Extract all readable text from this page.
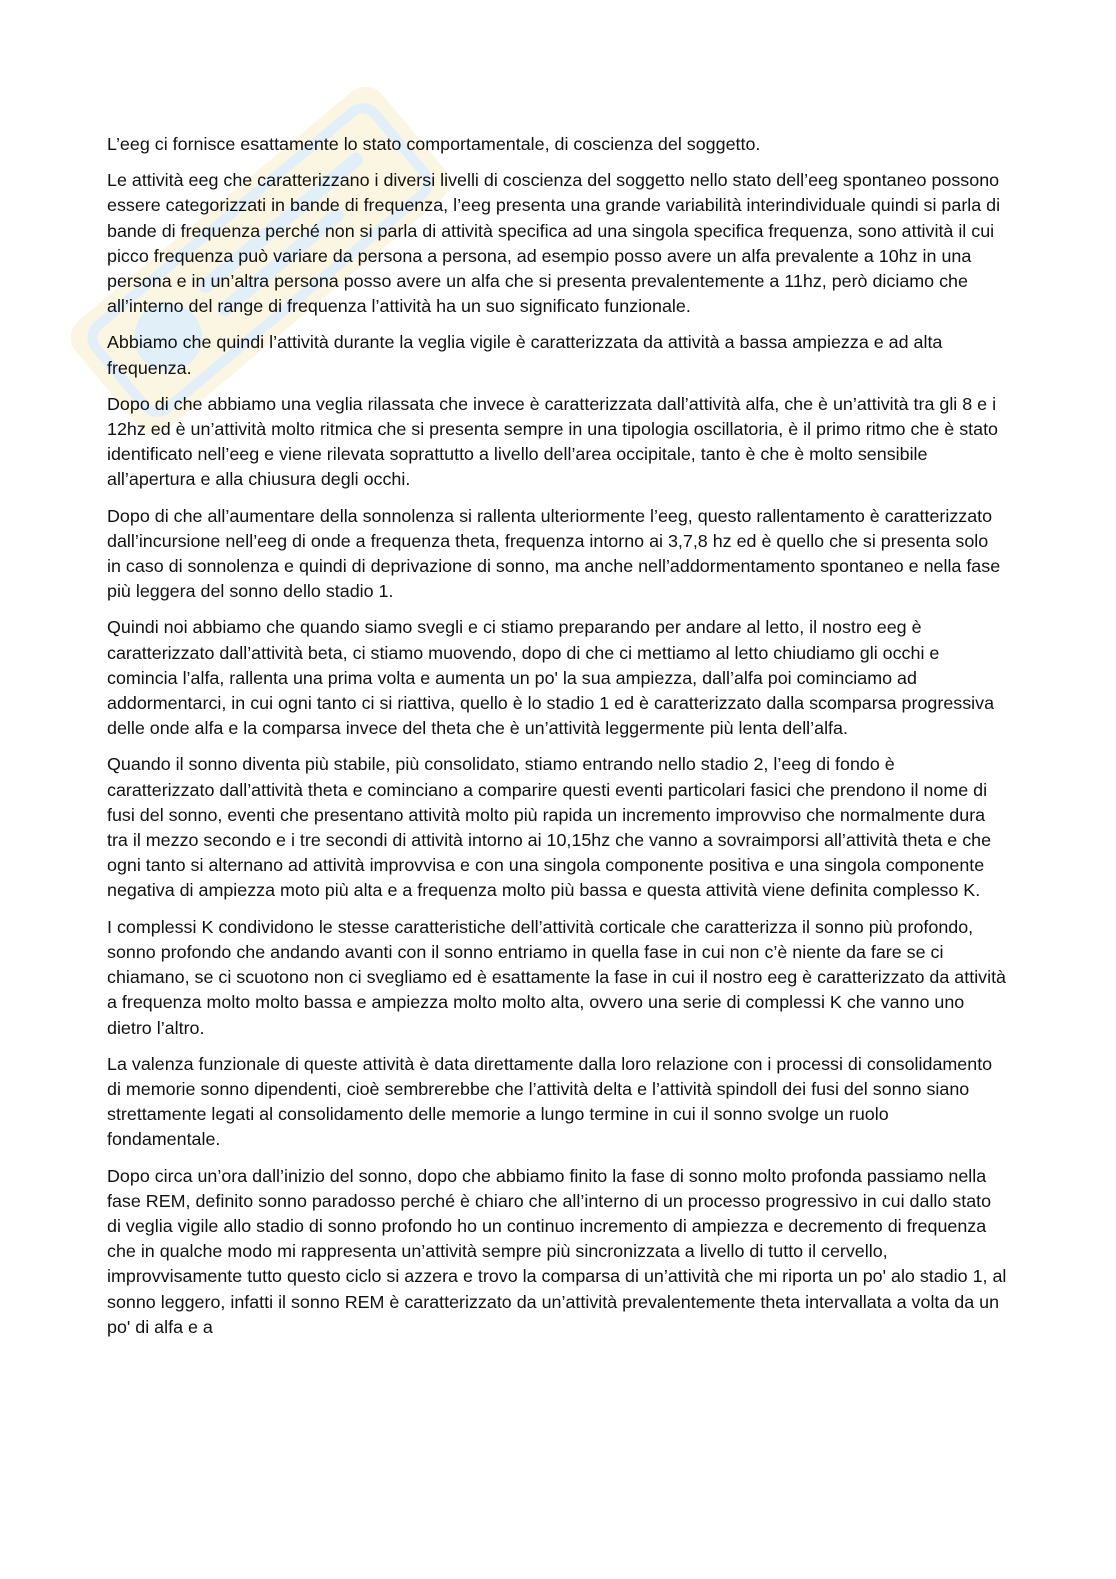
L’eeg ci fornisce esattamente lo stato comportamentale, di coscienza del soggetto.

Le attività eeg che caratterizzano i diversi livelli di coscienza del soggetto nello stato dell’eeg spontaneo possono essere categorizzati in bande di frequenza, l’eeg presenta una grande variabilità interindividuale quindi si parla di bande di frequenza perché non si parla di attività specifica ad una singola specifica frequenza, sono attività il cui picco frequenza può variare da persona a persona, ad esempio posso avere un alfa prevalente a 10hz in una persona e in un’altra persona posso avere un alfa che si presenta prevalentemente a 11hz, però diciamo che all’interno del range di frequenza l’attività ha un suo significato funzionale.

Abbiamo che quindi l’attività durante la veglia vigile è caratterizzata da attività a bassa ampiezza e ad alta frequenza.

Dopo di che abbiamo una veglia rilassata che invece è caratterizzata dall’attività alfa, che è un’attività tra gli 8 e i 12hz ed è un’attività molto ritmica che si presenta sempre in una tipologia oscillatoria, è il primo ritmo che è stato identificato nell’eeg e viene rilevata soprattutto a livello dell’area occipitale, tanto è che è molto sensibile all’apertura e alla chiusura degli occhi.

Dopo di che all’aumentare della sonnolenza si rallenta ulteriormente l’eeg, questo rallentamento è caratterizzato dall’incursione nell’eeg di onde a frequenza theta, frequenza intorno ai 3,7,8 hz ed è quello che si presenta solo in caso di sonnolenza e quindi di deprivazione di sonno, ma anche nell’addormentamento spontaneo e nella fase più leggera del sonno dello stadio 1.

Quindi noi abbiamo che quando siamo svegli e ci stiamo preparando per andare al letto, il nostro eeg è caratterizzato dall’attività beta, ci stiamo muovendo, dopo di che ci mettiamo al letto chiudiamo gli occhi e comincia l’alfa, rallenta una prima volta e aumenta un po' la sua ampiezza, dall’alfa poi cominciamo ad addormentarci, in cui ogni tanto ci si riattiva, quello è lo stadio 1 ed è caratterizzato dalla scomparsa progressiva delle onde alfa e la comparsa invece del theta che è un’attività leggermente più lenta dell’alfa.

Quando il sonno diventa più stabile, più consolidato, stiamo entrando nello stadio 2, l’eeg di fondo è caratterizzato dall’attività theta e cominciano a comparire questi eventi particolari fasici che prendono il nome di fusi del sonno, eventi che presentano attività molto più rapida un incremento improvviso che normalmente dura tra il mezzo secondo e i tre secondi di attività intorno ai 10,15hz che vanno a sovraimporsi all’attività theta e che ogni tanto si alternano ad attività improvvisa e con una singola componente positiva e una singola componente negativa di ampiezza moto più alta e a frequenza molto più bassa e questa attività viene definita complesso K.

I complessi K condividono le stesse caratteristiche dell’attività corticale che caratterizza il sonno più profondo, sonno profondo che andando avanti con il sonno entriamo in quella fase in cui non c’è niente da fare se ci chiamano, se ci scuotono non ci svegliamo ed è esattamente la fase in cui il nostro eeg è caratterizzato da attività a frequenza molto molto bassa e ampiezza molto molto alta, ovvero una serie di complessi K che vanno uno dietro l’altro.

La valenza funzionale di queste attività è data direttamente dalla loro relazione con i processi di consolidamento di memorie sonno dipendenti, cioè sembrerebbe che l’attività delta e l’attività spindoll dei fusi del sonno siano strettamente legati al consolidamento delle memorie a lungo termine in cui il sonno svolge un ruolo fondamentale.

Dopo circa un’ora dall’inizio del sonno, dopo che abbiamo finito la fase di sonno molto profonda passiamo nella fase REM, definito sonno paradosso perché è chiaro che all’interno di un processo progressivo in cui dallo stato di veglia vigile allo stadio di sonno profondo ho un continuo incremento di ampiezza e decremento di frequenza che in qualche modo mi rappresenta un’attività sempre più sincronizzata a livello di tutto il cervello, improvvisamente tutto questo ciclo si azzera e trovo la comparsa di un’attività che mi riporta un po' alo stadio 1, al sonno leggero, infatti il sonno REM è caratterizzato da un’attività prevalentemente theta intervallata a volta da un po' di alfa e a
